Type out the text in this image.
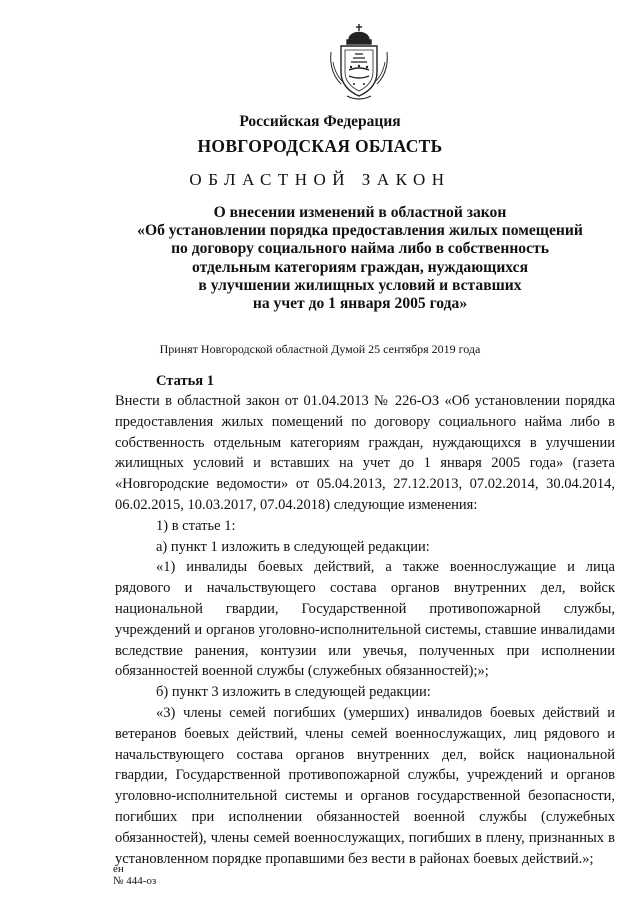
Российская Федерация
НОВГОРОДСКАЯ ОБЛАСТЬ
ОБЛАСТНОЙ ЗАКОН
О внесении изменений в областной закон
«Об установлении порядка предоставления жилых помещений
по договору социального найма либо в собственность
отдельным категориям граждан, нуждающихся
в улучшении жилищных условий и вставших
на учет до 1 января 2005 года»
Принят Новгородской областной Думой 25 сентября 2019 года
Статья 1

Внести в областной закон от 01.04.2013 № 226-ОЗ «Об установлении порядка предоставления жилых помещений по договору социального найма либо в собственность отдельным категориям граждан, нуждающихся в улучшении жилищных условий и вставших на учет до 1 января 2005 года» (газета «Новгородские ведомости» от 05.04.2013, 27.12.2013, 07.02.2014, 30.04.2014, 06.02.2015, 10.03.2017, 07.04.2018) следующие изменения:

1) в статье 1:

а) пункт 1 изложить в следующей редакции:

«1) инвалиды боевых действий, а также военнослужащие и лица рядового и начальствующего состава органов внутренних дел, войск национальной гвардии, Государственной противопожарной службы, учреждений и органов уголовно-исполнительной системы, ставшие инвалидами вследствие ранения, контузии или увечья, полученных при исполнении обязанностей военной службы (служебных обязанностей);»;

б) пункт 3 изложить в следующей редакции:

«3) члены семей погибших (умерших) инвалидов боевых действий и ветеранов боевых действий, члены семей военнослужащих, лиц рядового и начальствующего состава органов внутренних дел, войск национальной гвардии, Государственной противопожарной службы, учреждений и органов уголовно-исполнительной системы и органов государственной безопасности, погибших при исполнении обязанностей военной службы (служебных обязанностей), члены семей военнослужащих, погибших в плену, признанных в установленном порядке пропавшими без вести в районах боевых действий.»;

ен
№ 444-оз
